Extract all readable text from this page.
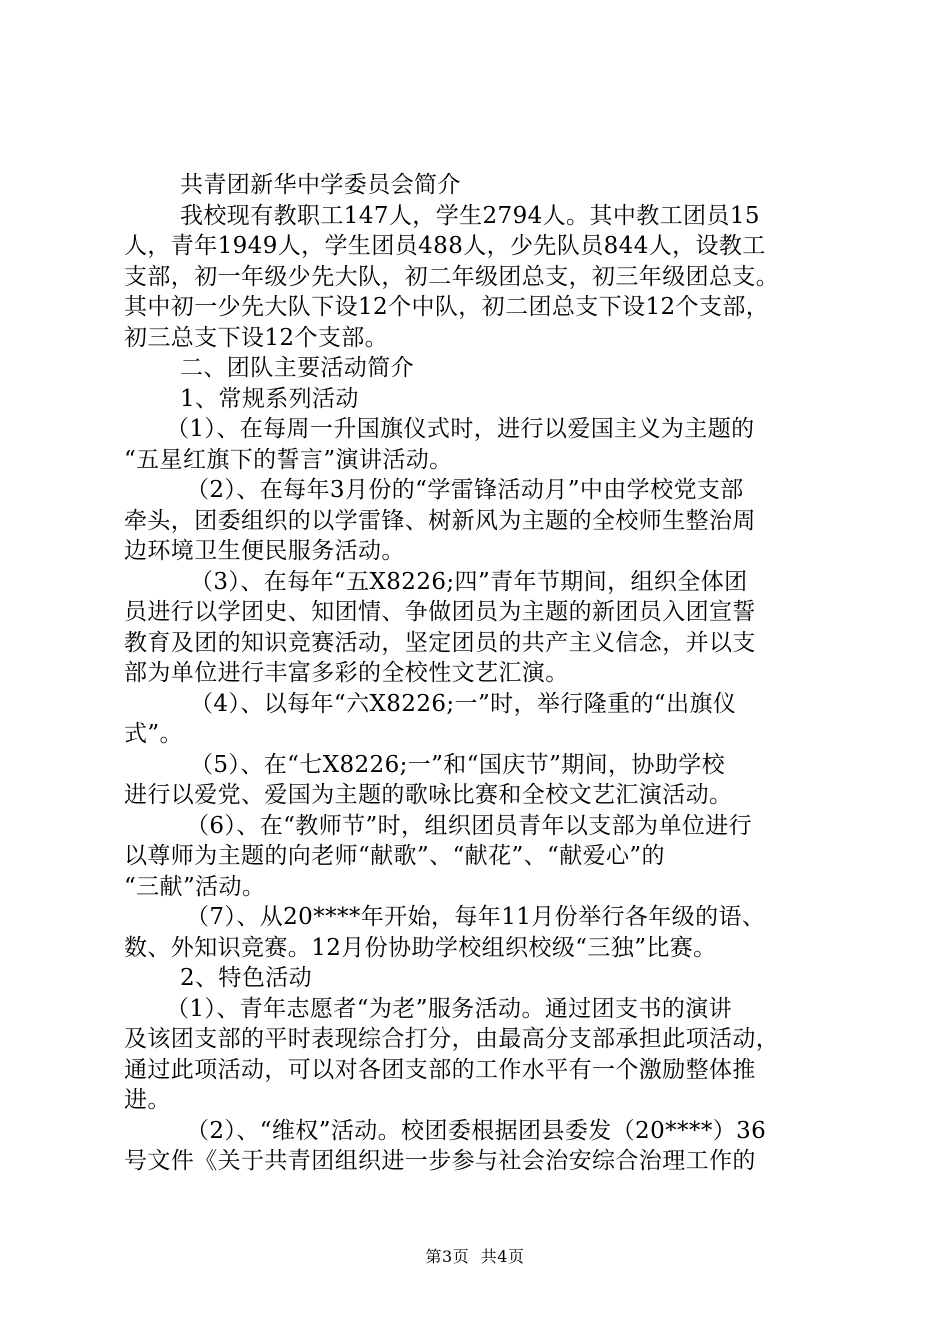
共青团新华中学委员会简介
我校现有教职工147人，学生2794人。其中教工团员15
人，青年1949人，学生团员488人，少先队员844人，设教工
支部，初一年级少先大队，初二年级团总支，初三年级团总支。
其中初一少先大队下设12个中队，初二团总支下设12个支部，
初三总支下设12个支部。
二、团队主要活动简介
1、常规系列活动
（1）、在每周一升国旗仪式时，进行以爱国主义为主题的
“五星红旗下的誓言”演讲活动。
（2）、在每年3月份的“学雷锋活动月”中由学校党支部
牵头，团委组织的以学雷锋、树新风为主题的全校师生整治周
边环境卫生便民服务活动。
（3）、在每年“五X8226;四”青年节期间，组织全体团
员进行以学团史、知团情、争做团员为主题的新团员入团宣誓
教育及团的知识竞赛活动，坚定团员的共产主义信念，并以支
部为单位进行丰富多彩的全校性文艺汇演。
（4）、以每年“六X8226;一”时，举行隆重的“出旗仪
式”。
（5）、在“七X8226;一”和“国庆节”期间，协助学校
进行以爱党、爱国为主题的歌咏比赛和全校文艺汇演活动。
（6）、在“教师节”时，组织团员青年以支部为单位进行
以尊师为主题的向老师“献歌”、“献花”、“献爱心”的
“三献”活动。
（7）、从20****年开始，每年11月份举行各年级的语、
数、外知识竞赛。12月份协助学校组织校级“三独”比赛。
2、特色活动
（1）、青年志愿者“为老”服务活动。通过团支书的演讲
及该团支部的平时表现综合打分，由最高分支部承担此项活动，
通过此项活动，可以对各团支部的工作水平有一个激励整体推
进。
（2）、“维权”活动。校团委根据团县委发（20****）36
号文件《关于共青团组织进一步参与社会治安综合治理工作的
第3页 共4页
